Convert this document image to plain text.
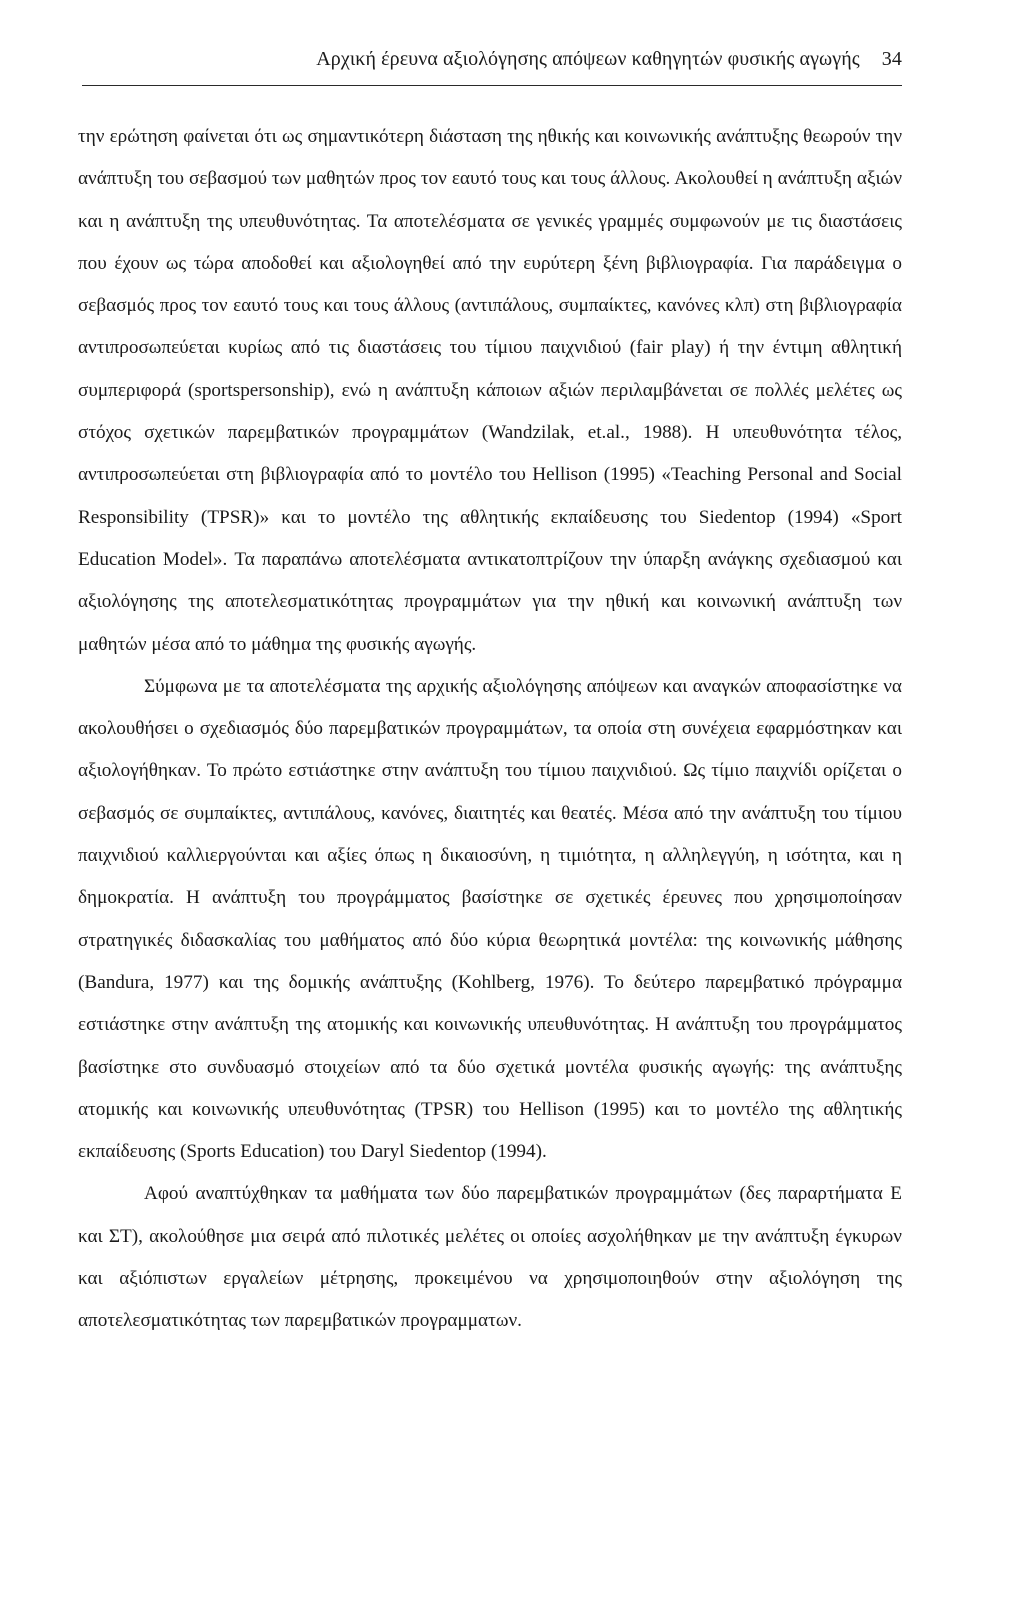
Αρχική έρευνα αξιολόγησης απόψεων καθηγητών φυσικής αγωγής 34

την ερώτηση φαίνεται ότι ως σημαντικότερη διάσταση της ηθικής και κοινωνικής ανάπτυξης θεωρούν την ανάπτυξη του σεβασμού των μαθητών προς τον εαυτό τους και τους άλλους. Ακολουθεί η ανάπτυξη αξιών και η ανάπτυξη της υπευθυνότητας. Τα αποτελέσματα σε γενικές γραμμές συμφωνούν με τις διαστάσεις που έχουν ως τώρα αποδοθεί και αξιολογηθεί από την ευρύτερη ξένη βιβλιογραφία. Για παράδειγμα ο σεβασμός προς τον εαυτό τους και τους άλλους (αντιπάλους, συμπαίκτες, κανόνες κλπ) στη βιβλιογραφία αντιπροσωπεύεται κυρίως από τις διαστάσεις του τίμιου παιχνιδιού (fair play) ή την έντιμη αθλητική συμπεριφορά (sportspersonship), ενώ η ανάπτυξη κάποιων αξιών περιλαμβάνεται σε πολλές μελέτες ως στόχος σχετικών παρεμβατικών προγραμμάτων (Wandzilak, et.al., 1988). Η υπευθυνότητα τέλος, αντιπροσωπεύεται στη βιβλιογραφία από το μοντέλο του Hellison (1995) «Teaching Personal and Social Responsibility (TPSR)» και το μοντέλο της αθλητικής εκπαίδευσης του Siedentop (1994) «Sport Education Model». Τα παραπάνω αποτελέσματα αντικατοπτρίζουν την ύπαρξη ανάγκης σχεδιασμού και αξιολόγησης της αποτελεσματικότητας προγραμμάτων για την ηθική και κοινωνική ανάπτυξη των μαθητών μέσα από το μάθημα της φυσικής αγωγής.

Σύμφωνα με τα αποτελέσματα της αρχικής αξιολόγησης απόψεων και αναγκών αποφασίστηκε να ακολουθήσει ο σχεδιασμός δύο παρεμβατικών προγραμμάτων, τα οποία στη συνέχεια εφαρμόστηκαν και αξιολογήθηκαν. Το πρώτο εστιάστηκε στην ανάπτυξη του τίμιου παιχνιδιού. Ως τίμιο παιχνίδι ορίζεται ο σεβασμός σε συμπαίκτες, αντιπάλους, κανόνες, διαιτητές και θεατές. Μέσα από την ανάπτυξη του τίμιου παιχνιδιού καλλιεργούνται και αξίες όπως η δικαιοσύνη, η τιμιότητα, η αλληλεγγύη, η ισότητα, και η δημοκρατία. Η ανάπτυξη του προγράμματος βασίστηκε σε σχετικές έρευνες που χρησιμοποίησαν στρατηγικές διδασκαλίας του μαθήματος από δύο κύρια θεωρητικά μοντέλα: της κοινωνικής μάθησης (Bandura, 1977) και της δομικής ανάπτυξης (Kohlberg, 1976). Το δεύτερο παρεμβατικό πρόγραμμα εστιάστηκε στην ανάπτυξη της ατομικής και κοινωνικής υπευθυνότητας. Η ανάπτυξη του προγράμματος βασίστηκε στο συνδυασμό στοιχείων από τα δύο σχετικά μοντέλα φυσικής αγωγής: της ανάπτυξης ατομικής και κοινωνικής υπευθυνότητας (TPSR) του Hellison (1995) και το μοντέλο της αθλητικής εκπαίδευσης (Sports Education) του Daryl Siedentop (1994).

Αφού αναπτύχθηκαν τα μαθήματα των δύο παρεμβατικών προγραμμάτων (δες παραρτήματα Ε και ΣΤ), ακολούθησε μια σειρά από πιλοτικές μελέτες οι οποίες ασχολήθηκαν με την ανάπτυξη έγκυρων και αξιόπιστων εργαλείων μέτρησης, προκειμένου να χρησιμοποιηθούν στην αξιολόγηση της αποτελεσματικότητας των παρεμβατικών προγραμματων.
